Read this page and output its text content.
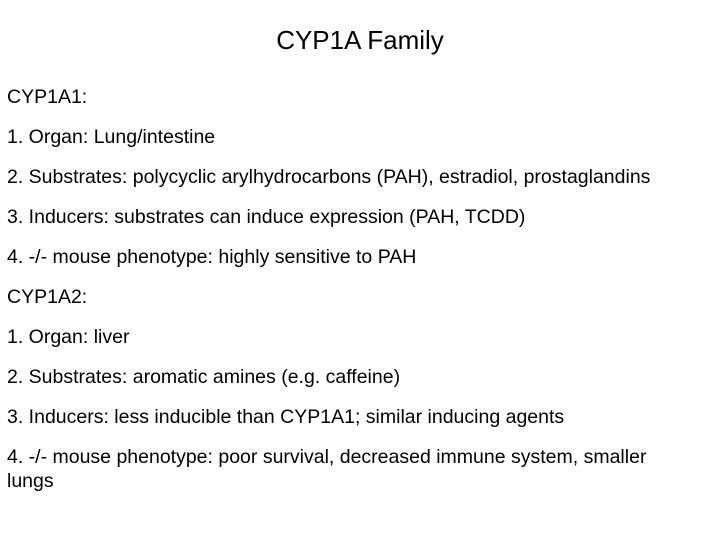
CYP1A Family
CYP1A1:
1. Organ: Lung/intestine
2. Substrates: polycyclic arylhydrocarbons (PAH), estradiol, prostaglandins
3. Inducers: substrates can induce expression (PAH, TCDD)
4. -/- mouse phenotype: highly sensitive to PAH
CYP1A2:
1. Organ: liver
2. Substrates: aromatic amines (e.g. caffeine)
3. Inducers: less inducible than CYP1A1; similar inducing agents
4. -/- mouse phenotype: poor survival, decreased immune system, smaller lungs
